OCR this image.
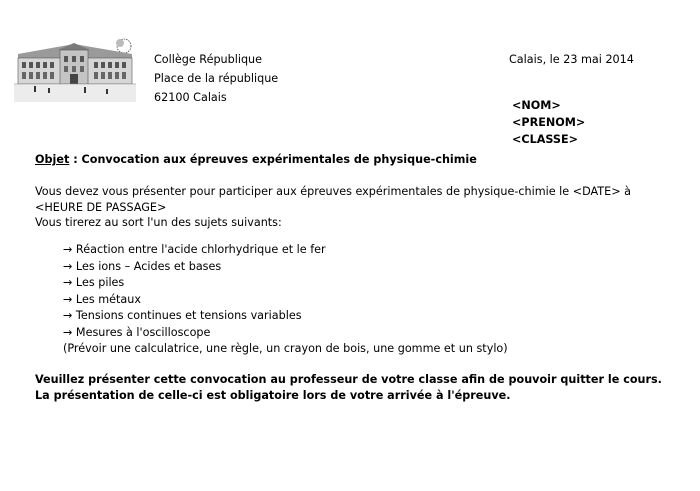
Collège République
Place de la république
62100 Calais
Calais, le 23 mai 2014
<NOM>
<PRENOM>
<CLASSE>
Objet : Convocation aux épreuves expérimentales de physique-chimie
Vous devez vous présenter pour participer aux épreuves expérimentales de physique-chimie le <DATE> à <HEURE DE PASSAGE>
Vous tirerez au sort l'un des sujets suivants:
→ Réaction entre l'acide chlorhydrique et le fer
→ Les ions – Acides et bases
→ Les piles
→ Les métaux
→ Tensions continues et tensions variables
→ Mesures à l'oscilloscope
(Prévoir une calculatrice, une règle, un crayon de bois, une gomme et un stylo)
Veuillez présenter cette convocation au professeur de votre classe afin de pouvoir quitter le cours.
La présentation de celle-ci est obligatoire lors de votre arrivée à l'épreuve.
